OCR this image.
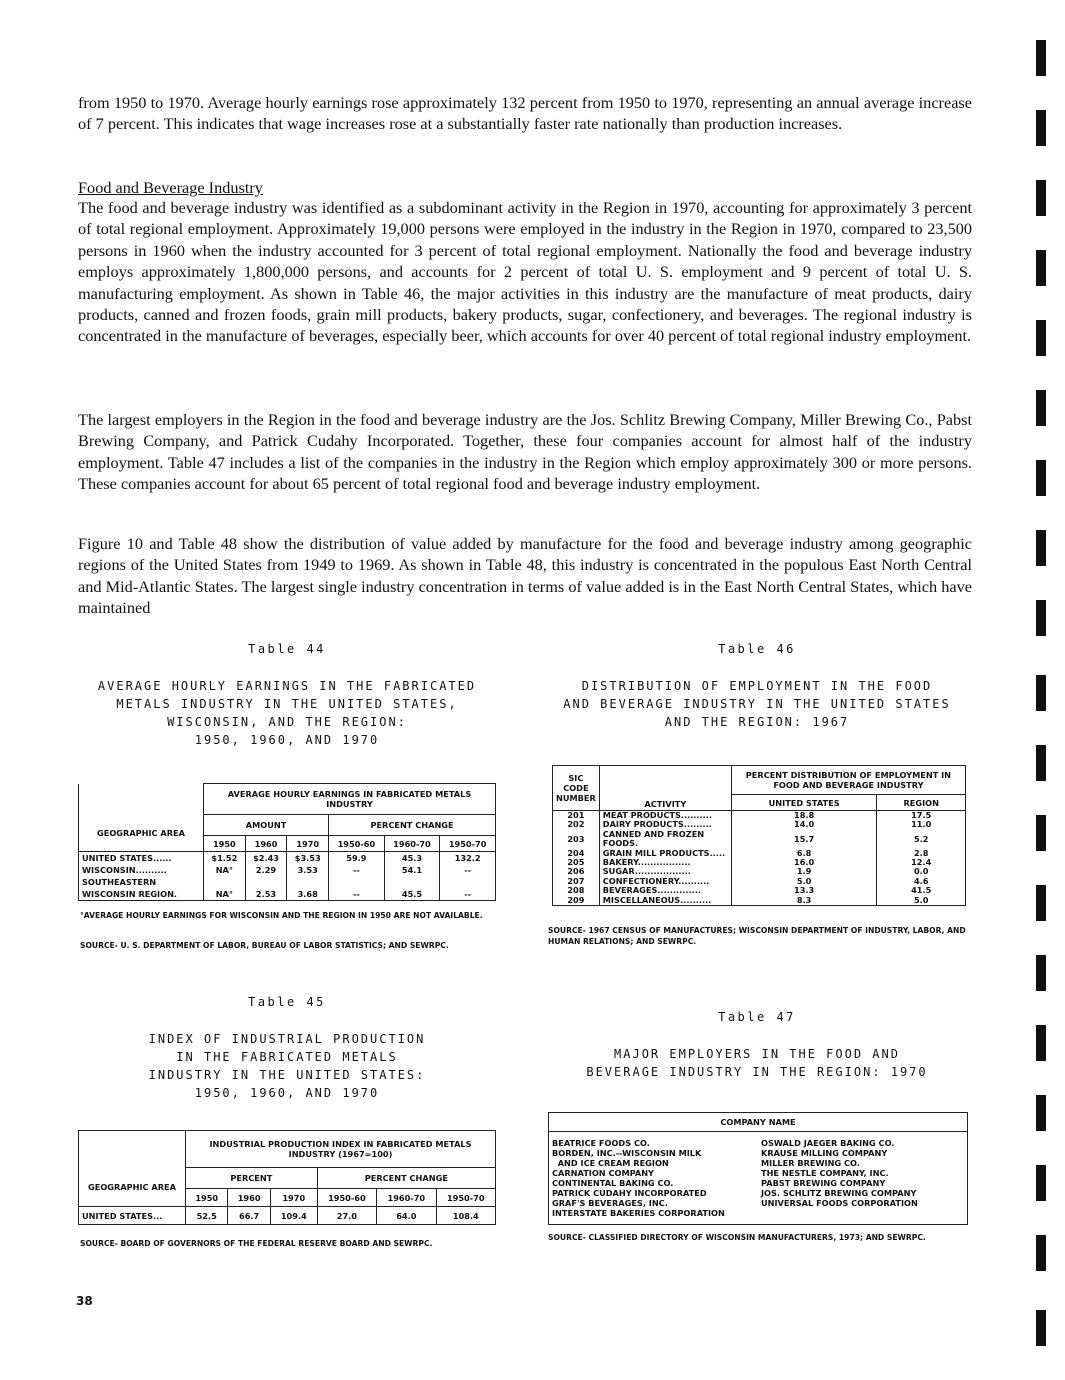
from 1950 to 1970. Average hourly earnings rose approximately 132 percent from 1950 to 1970, representing an annual average increase of 7 percent. This indicates that wage increases rose at a substantially faster rate nationally than production increases.

Food and Beverage Industry

The food and beverage industry was identified as a subdominant activity in the Region in 1970, accounting for approximately 3 percent of total regional employment. Approximately 19,000 persons were employed in the industry in the Region in 1970, compared to 23,500 persons in 1960 when the industry accounted for 3 percent of total regional employment. Nationally the food and beverage industry employs approximately 1,800,000 persons, and accounts for 2 percent of total U. S. employment and 9 percent of total U. S. manufacturing employment. As shown in Table 46, the major activities in this industry are the manufacture of meat products, dairy products, canned and frozen foods, grain mill products, bakery products, sugar, confectionery, and beverages. The regional industry is concentrated in the manufacture of beverages, especially beer, which accounts for over 40 percent of total regional industry employment.

The largest employers in the Region in the food and beverage industry are the Jos. Schlitz Brewing Company, Miller Brewing Co., Pabst Brewing Company, and Patrick Cudahy Incorporated. Together, these four companies account for almost half of the industry employment. Table 47 includes a list of the companies in the industry in the Region which employ approximately 300 or more persons. These companies account for about 65 percent of total regional food and beverage industry employment.

Figure 10 and Table 48 show the distribution of value added by manufacture for the food and beverage industry among geographic regions of the United States from 1949 to 1969. As shown in Table 48, this industry is concentrated in the populous East North Central and Mid-Atlantic States. The largest single industry concentration in terms of value added is in the East North Central States, which have maintained

Table 44
AVERAGE HOURLY EARNINGS IN THE FABRICATED
METALS INDUSTRY IN THE UNITED STATES,
WISCONSIN, AND THE REGION:
1950, 1960, AND 1970
	AVERAGE HOURLY EARNINGS IN FABRICATED METALS INDUSTRY					
GEOGRAPHIC AREA	AMOUNT			PERCENT CHANGE		
	1950	1960	1970	1950-60	1960-70	1950-70
UNITED STATES......	$1.52	$2.43	$3.53	59.9	45.3	132.2
WISCONSIN..........	NA°	2.29	3.53	--	54.1	--
SOUTHEASTERN						
WISCONSIN REGION.	NA°	2.53	3.68	--	45.5	--
°AVERAGE HOURLY EARNINGS FOR WISCONSIN AND THE REGION IN 1950 ARE NOT AVAILABLE.
SOURCE- U. S. DEPARTMENT OF LABOR, BUREAU OF LABOR STATISTICS; AND SEWRPC.
Table 45
INDEX OF INDUSTRIAL PRODUCTION
IN THE FABRICATED METALS
INDUSTRY IN THE UNITED STATES:
1950, 1960, AND 1970
	INDUSTRIAL PRODUCTION INDEX IN FABRICATED METALS INDUSTRY (1967=100)					
GEOGRAPHIC AREA	PERCENT			PERCENT CHANGE		
	1950	1960	1970	1950-60	1960-70	1950-70
UNITED STATES...	52.5	66.7	109.4	27.0	64.0	108.4
SOURCE- BOARD OF GOVERNORS OF THE FEDERAL RESERVE BOARD AND SEWRPC.
Table 46
DISTRIBUTION OF EMPLOYMENT IN THE FOOD
AND BEVERAGE INDUSTRY IN THE UNITED STATES
AND THE REGION: 1967
SIC CODE NUMBER	ACTIVITY	PERCENT DISTRIBUTION OF EMPLOYMENT IN FOOD AND BEVERAGE INDUSTRY	
		UNITED STATES	REGION
201	MEAT PRODUCTS..........	18.8	17.5
202	DAIRY PRODUCTS.........	14.0	11.0
203	CANNED AND FROZEN FOODS.	15.7	5.2
204	GRAIN MILL PRODUCTS.....	6.8	2.8
205	BAKERY.................	16.0	12.4
206	SUGAR..................	1.9	0.0
207	CONFECTIONERY..........	5.0	4.6
208	BEVERAGES..............	13.3	41.5
209	MISCELLANEOUS..........	8.3	5.0
SOURCE- 1967 CENSUS OF MANUFACTURES; WISCONSIN DEPARTMENT OF INDUSTRY, LABOR, AND HUMAN RELATIONS; AND SEWRPC.
Table 47
MAJOR EMPLOYERS IN THE FOOD AND
BEVERAGE INDUSTRY IN THE REGION: 1970
COMPANY NAME

BEATRICE FOODS CO.
BORDEN, INC.--WISCONSIN MILK
AND ICE CREAM REGION
CARNATION COMPANY
CONTINENTAL BAKING CO.
PATRICK CUDAHY INCORPORATED
GRAF'S BEVERAGES, INC.
INTERSTATE BAKERIES CORPORATION

OSWALD JAEGER BAKING CO.
KRAUSE MILLING COMPANY
MILLER BREWING CO.
THE NESTLE COMPANY, INC.
PABST BREWING COMPANY
JOS. SCHLITZ BREWING COMPANY
UNIVERSAL FOODS CORPORATION
SOURCE- CLASSIFIED DIRECTORY OF WISCONSIN MANUFACTURERS, 1973; AND SEWRPC.
38
